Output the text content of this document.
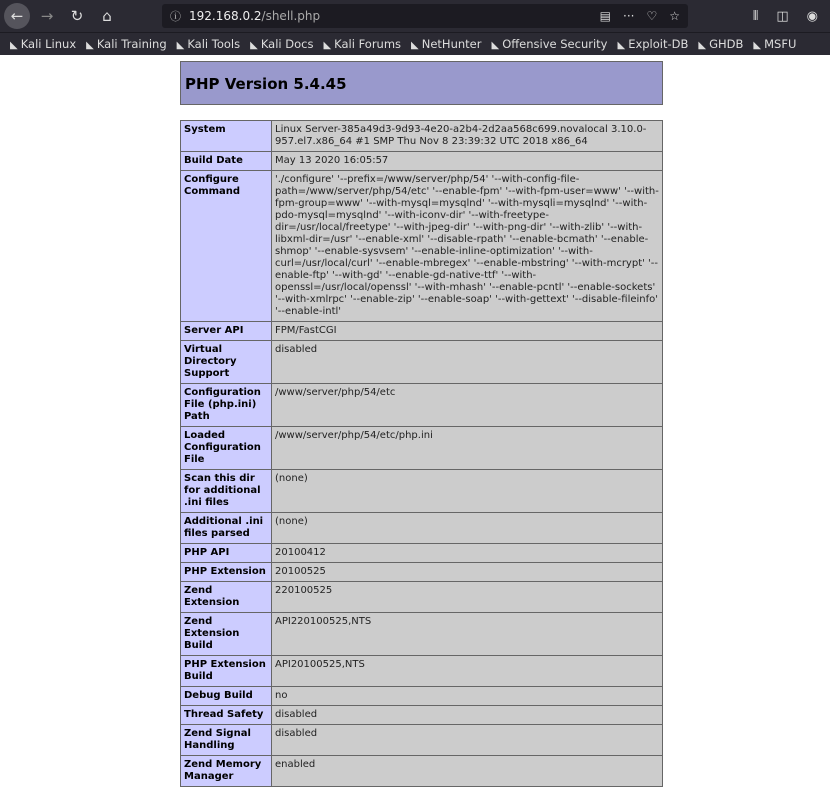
←	→	↻	⌂	ⓘ 192.168.0.2 /shell.php	▤ ··· ♡ ☆	⫴ ◫ ◉
◣ Kali Linux ◣ Kali Training ◣ Kali Tools ◣ Kali Docs ◣ Kali Forums ◣ NetHunter ◣ Offensive Security ◣ Exploit-DB ◣ GHDB ◣ MSFU
PHP Version 5.4.45
System	Linux Server-385a49d3-9d93-4e20-a2b4-2d2aa568c699.novalocal 3.10.0-957.el7.x86_64 #1 SMP Thu Nov 8 23:39:32 UTC 2018 x86_64
Build Date	May 13 2020 16:05:57
Configure Command	'./configure' '--prefix=/www/server/php/54' '--with-config-file-path=/www/server/php/54/etc' '--enable-fpm' '--with-fpm-user=www' '--with-fpm-group=www' '--with-mysql=mysqlnd' '--with-mysqli=mysqlnd' '--with-pdo-mysql=mysqlnd' '--with-iconv-dir' '--with-freetype-dir=/usr/local/freetype' '--with-jpeg-dir' '--with-png-dir' '--with-zlib' '--with-libxml-dir=/usr' '--enable-xml' '--disable-rpath' '--enable-bcmath' '--enable-shmop' '--enable-sysvsem' '--enable-inline-optimization' '--with-curl=/usr/local/curl' '--enable-mbregex' '--enable-mbstring' '--with-mcrypt' '--enable-ftp' '--with-gd' '--enable-gd-native-ttf' '--with-openssl=/usr/local/openssl' '--with-mhash' '--enable-pcntl' '--enable-sockets' '--with-xmlrpc' '--enable-zip' '--enable-soap' '--with-gettext' '--disable-fileinfo' '--enable-intl'
Server API	FPM/FastCGI
Virtual Directory Support	disabled
Configuration File (php.ini) Path	/www/server/php/54/etc
Loaded Configuration File	/www/server/php/54/etc/php.ini
Scan this dir for additional .ini files	(none)
Additional .ini files parsed	(none)
PHP API	20100412
PHP Extension	20100525
Zend Extension	220100525
Zend Extension Build	API220100525,NTS
PHP Extension Build	API20100525,NTS
Debug Build	no
Thread Safety	disabled
Zend Signal Handling	disabled
Zend Memory Manager	enabled
